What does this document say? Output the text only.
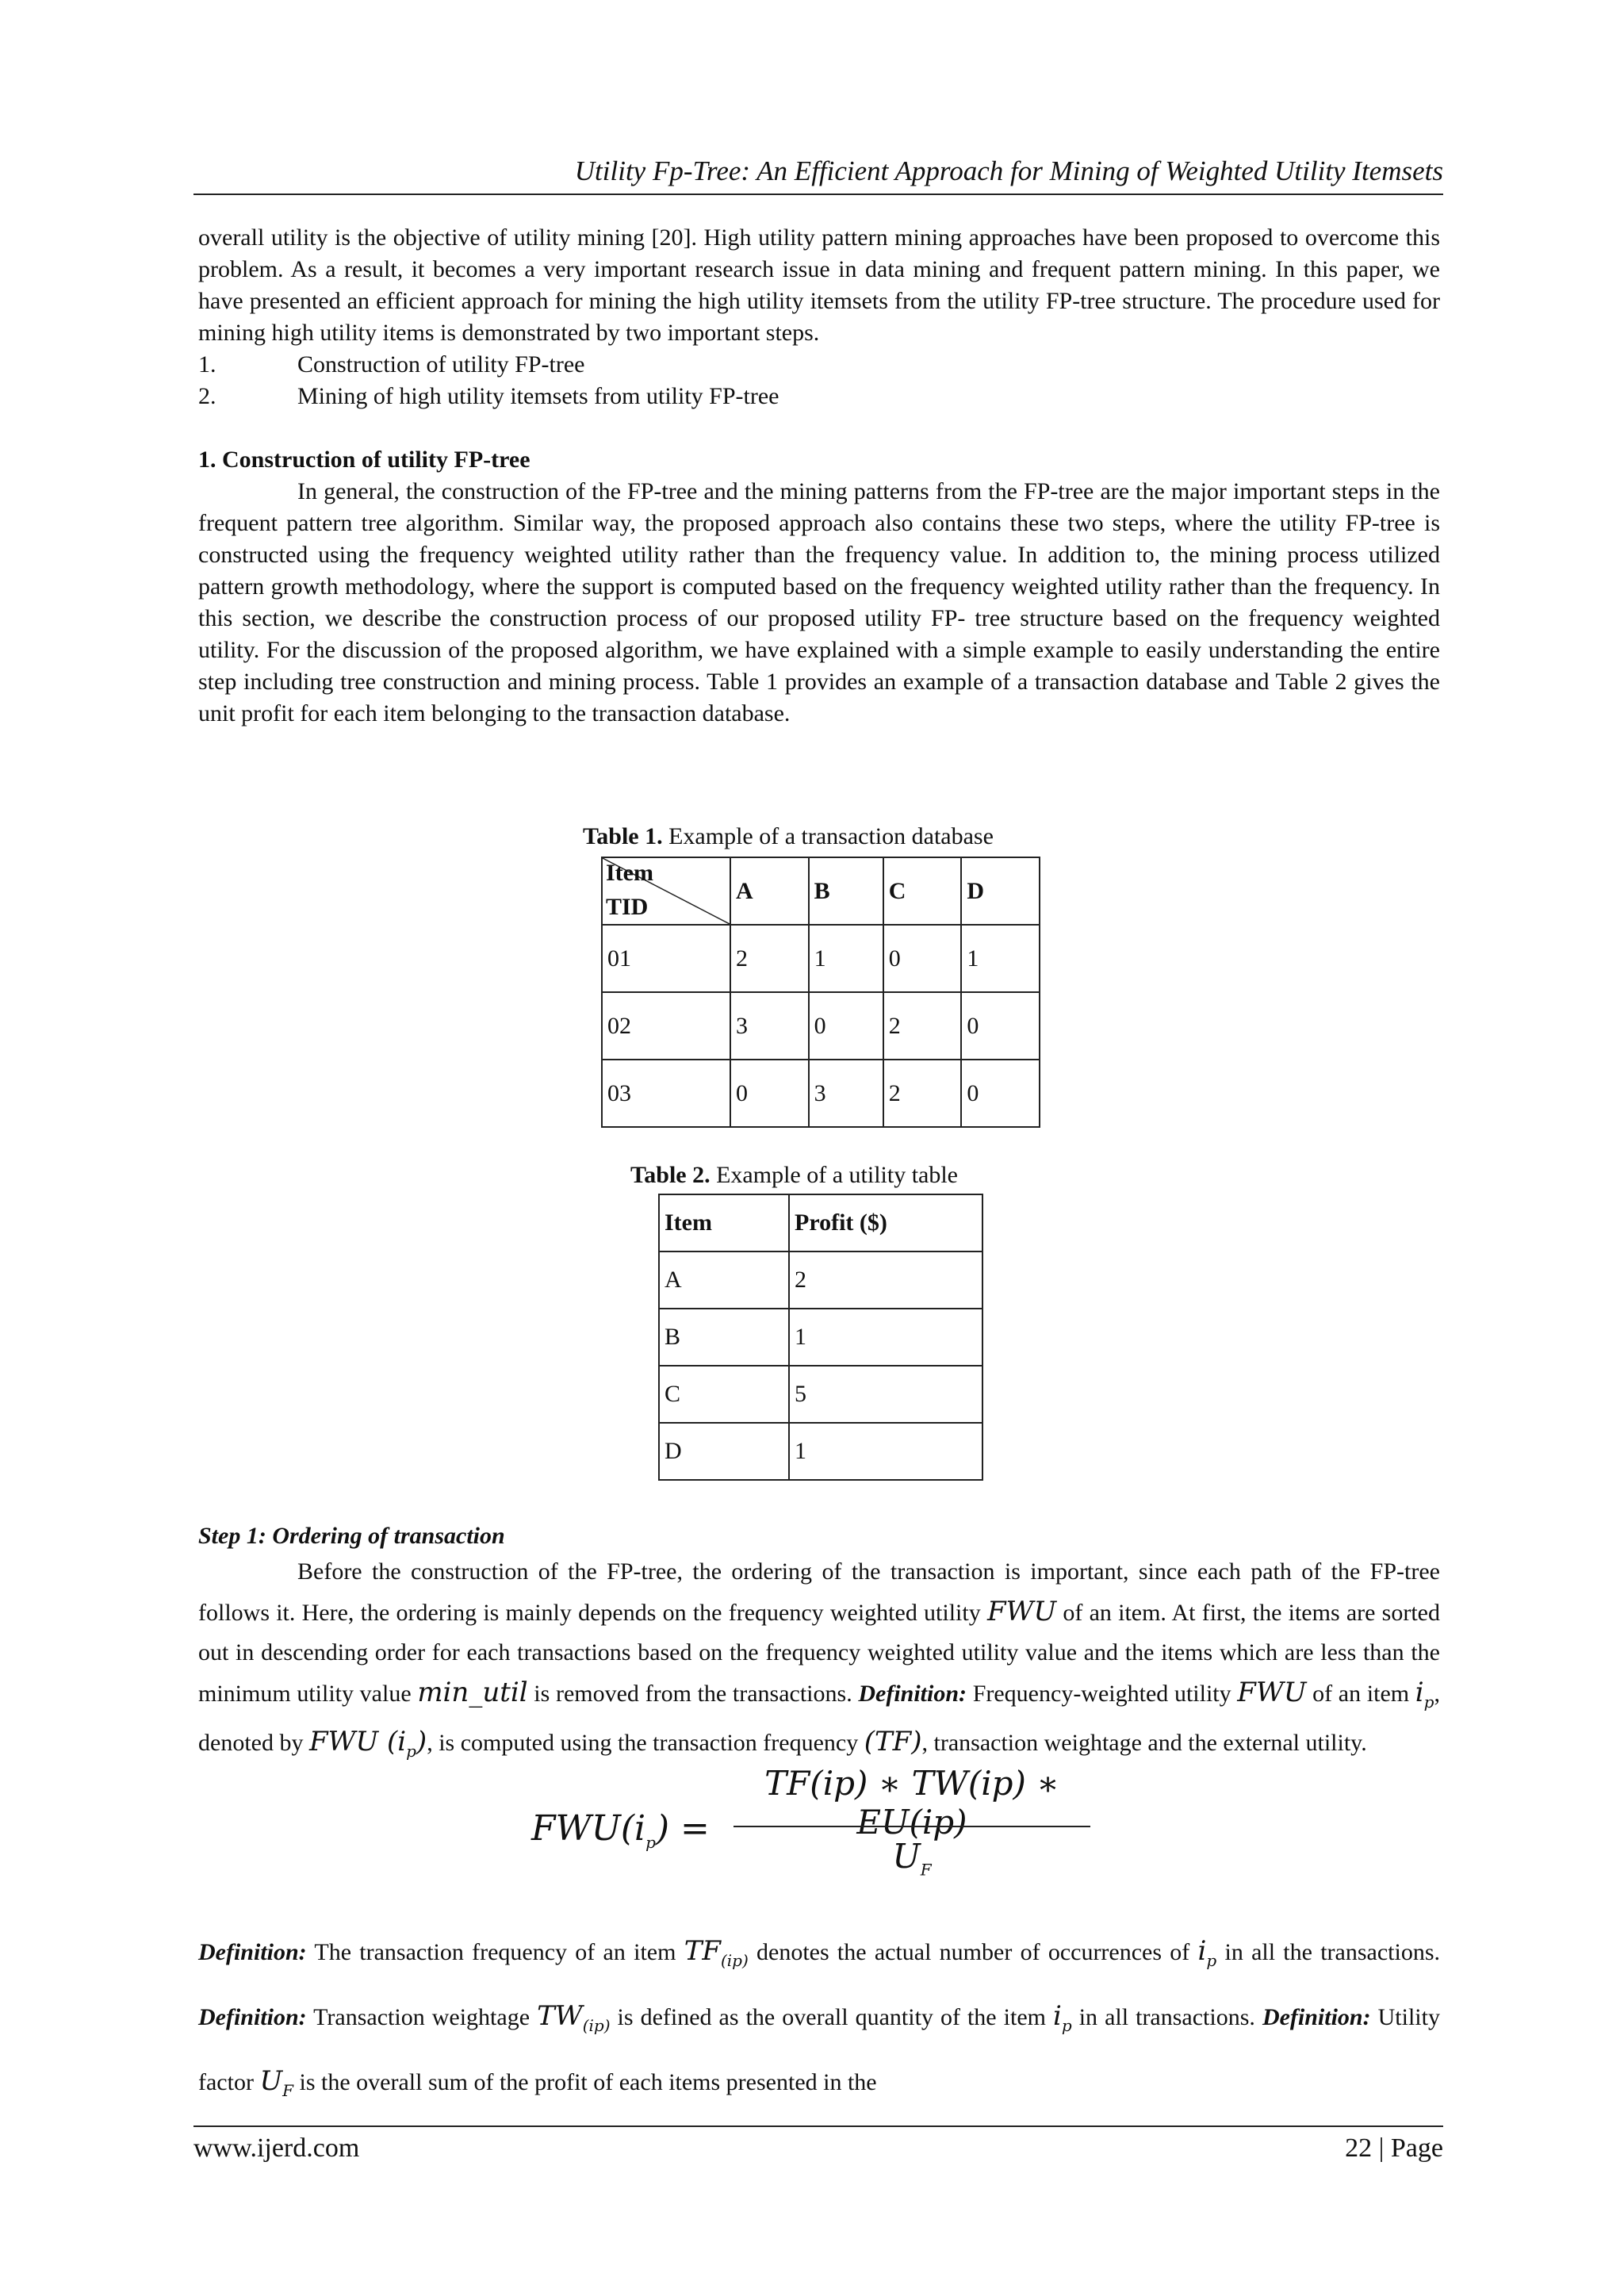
Utility Fp-Tree: An Efficient Approach for Mining of Weighted Utility Itemsets
overall utility is the objective of utility mining [20]. High utility pattern mining approaches have been proposed to overcome this problem. As a result, it becomes a very important research issue in data mining and frequent pattern mining. In this paper, we have presented an efficient approach for mining the high utility itemsets from the utility FP-tree structure. The procedure used for mining high utility items is demonstrated by two important steps.
1.	Construction of utility FP-tree
2.	Mining of high utility itemsets from utility FP-tree
1. Construction of utility FP-tree
In general, the construction of the FP-tree and the mining patterns from the FP-tree are the major important steps in the frequent pattern tree algorithm. Similar way, the proposed approach also contains these two steps, where the utility FP-tree is constructed using the frequency weighted utility rather than the frequency value. In addition to, the mining process utilized pattern growth methodology, where the support is computed based on the frequency weighted utility rather than the frequency. In this section, we describe the construction process of our proposed utility FP- tree structure based on the frequency weighted utility. For the discussion of the proposed algorithm, we have explained with a simple example to easily understanding the entire step including tree construction and mining process. Table 1 provides an example of a transaction database and Table 2 gives the unit profit for each item belonging to the transaction database.
Table 1. Example of a transaction database
Item
TID	A	B	C	D
01	2	1	0	1
02	3	0	2	0
03	0	3	2	0
Table 2. Example of a utility table
Item	Profit ($)
A	2
B	1
C	5
D	1
Step 1: Ordering of transaction
Before the construction of the FP-tree, the ordering of the transaction is important, since each path of the FP-tree follows it. Here, the ordering is mainly depends on the frequency weighted utility FWU of an item. At first, the items are sorted out in descending order for each transactions based on the frequency weighted utility value and the items which are less than the minimum utility value min_util is removed from the transactions. Definition: Frequency-weighted utility FWU of an item $i_p$, denoted by FWU $(i_p)$, is computed using the transaction frequency (TF), transaction weightage and the external utility.
$FWU(i_p)$ =
TF(ip) ∗ TW(ip) ∗ EU(ip)
$U_F$
Definition: The transaction frequency of an item $TF_{(ip)}$ denotes the actual number of occurrences of $i_p$ in all the transactions. Definition: Transaction weightage $TW_{(ip)}$ is defined as the overall quantity of the item $i_p$ in all transactions. Definition: Utility factor $U_F$ is the overall sum of the profit of each items presented in the
www.ijerd.com	22 | Page
